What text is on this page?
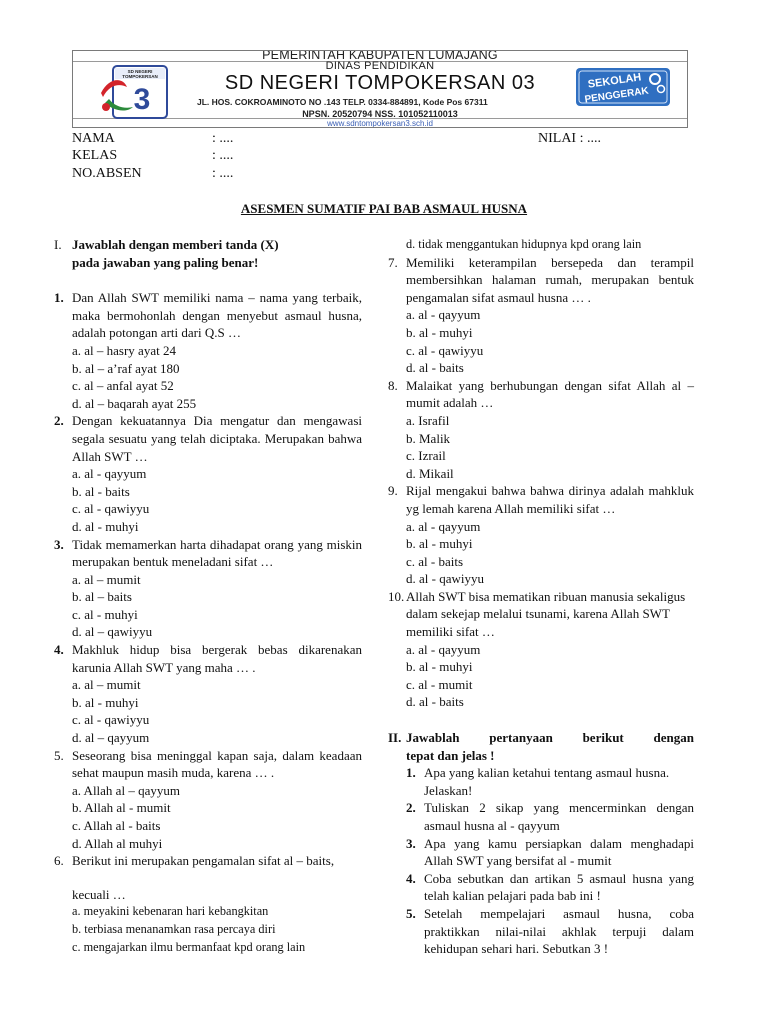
PEMERINTAH KABUPATEN LUMAJANG
DINAS PENDIDIKAN
SD NEGERI TOMPOKERSAN 03
JL. HOS. COKROAMINOTO NO .143 TELP. 0334-884891, Kode Pos 67311
NPSN. 20520794 NSS. 101052110013
www.sdntompokersan3.sch.id
SD NEGERI
TOMPOKERSAN
3
SEKOLAH
PENGGERAK
NAMA	: ....	NILAI : ....
KELAS	: ....
NO.ABSEN	: ....
ASESMEN SUMATIF PAI BAB ASMAUL HUSNA
I. Jawablah dengan memberi tanda (X)
pada jawaban yang paling benar!
1. Dan Allah SWT memiliki nama – nama yang terbaik, maka bermohonlah dengan menyebut asmaul husna, adalah potongan arti dari Q.S …
a. al – hasry ayat 24
b. al – a’raf ayat 180
c. al – anfal ayat 52
d. al – baqarah ayat 255
2. Dengan kekuatannya Dia mengatur dan mengawasi segala sesuatu yang telah diciptaka. Merupakan bahwa Allah SWT …
a. al - qayyum
b. al - baits
c. al - qawiyyu
d. al - muhyi
3. Tidak memamerkan harta dihadapat orang yang miskin merupakan bentuk meneladani sifat …
a. al – mumit
b. al – baits
c. al - muhyi
d. al – qawiyyu
4. Makhluk hidup bisa bergerak bebas dikarenakan karunia Allah SWT yang maha … .
a. al – mumit
b. al - muhyi
c. al - qawiyyu
d. al – qayyum
5. Seseorang bisa meninggal kapan saja, dalam keadaan sehat maupun masih muda, karena … .
a. Allah al – qayyum
b. Allah al - mumit
c. Allah al - baits
d. Allah al muhyi
6. Berikut ini merupakan pengamalan sifat al – baits,
kecuali …
a. meyakini kebenaran hari kebangkitan
b. terbiasa menanamkan rasa percaya diri
c. mengajarkan ilmu bermanfaat kpd orang lain
d. tidak menggantukan hidupnya kpd orang lain
7. Memiliki keterampilan bersepeda dan terampil membersihkan halaman rumah, merupakan bentuk pengamalan sifat asmaul husna … .
a. al - qayyum
b. al - muhyi
c. al - qawiyyu
d. al - baits
8. Malaikat yang berhubungan dengan sifat Allah al – mumit adalah …
a. Israfil
b. Malik
c. Izrail
d. Mikail
9. Rijal mengakui bahwa bahwa dirinya adalah mahkluk yg lemah karena Allah memiliki sifat …
a. al - qayyum
b. al - muhyi
c. al - baits
d. al - qawiyyu
10. Allah SWT bisa mematikan ribuan manusia sekaligus dalam sekejap melalui tsunami, karena Allah SWT memiliki sifat …
a. al - qayyum
b. al - muhyi
c. al - mumit
d. al - baits
II. Jawablah pertanyaan berikut dengan
tepat dan jelas !
1. Apa yang kalian ketahui tentang asmaul husna. Jelaskan!
2. Tuliskan 2 sikap yang mencerminkan dengan asmaul husna al - qayyum
3. Apa yang kamu persiapkan dalam menghadapi Allah SWT yang bersifat al - mumit
4. Coba sebutkan dan artikan 5 asmaul husna yang telah kalian pelajari pada bab ini !
5. Setelah mempelajari asmaul husna, coba praktikkan nilai-nilai akhlak terpuji dalam kehidupan sehari hari. Sebutkan 3 !
